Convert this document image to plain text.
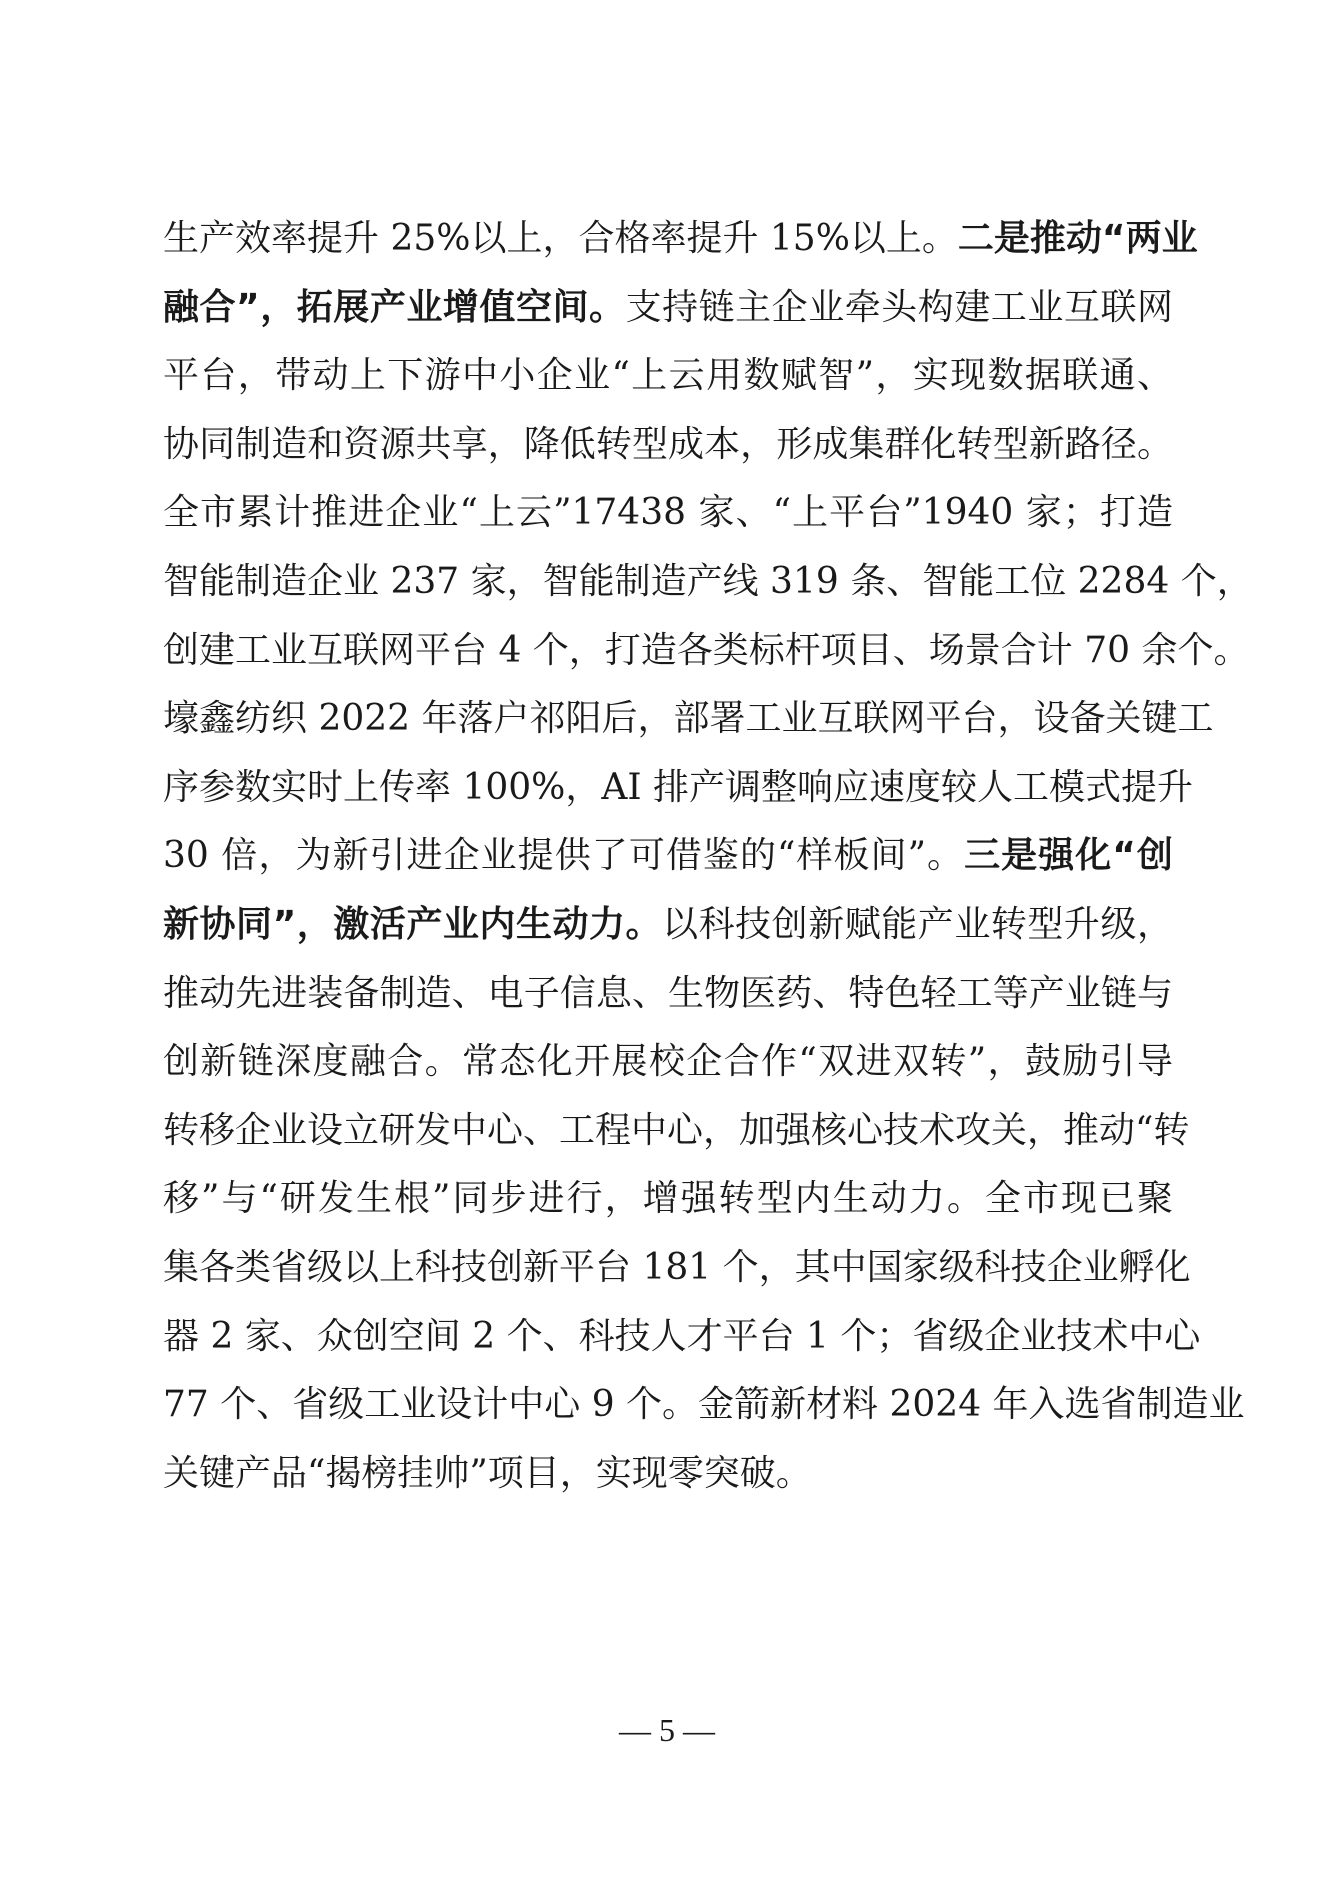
生产效率提升 25%以上，合格率提升 15%以上。二是推动“两业
融合”，拓展产业增值空间。支持链主企业牵头构建工业互联网
平台，带动上下游中小企业“上云用数赋智”，实现数据联通、
协同制造和资源共享，降低转型成本，形成集群化转型新路径。
全市累计推进企业“上云”17438 家、“上平台”1940 家；打造
智能制造企业 237 家，智能制造产线 319 条、智能工位 2284 个，
创建工业互联网平台 4 个，打造各类标杆项目、场景合计 70 余个。
壕鑫纺织 2022 年落户祁阳后，部署工业互联网平台，设备关键工
序参数实时上传率 100%，AI 排产调整响应速度较人工模式提升
30 倍，为新引进企业提供了可借鉴的“样板间”。三是强化“创
新协同”，激活产业内生动力。以科技创新赋能产业转型升级，
推动先进装备制造、电子信息、生物医药、特色轻工等产业链与
创新链深度融合。常态化开展校企合作“双进双转”，鼓励引导
转移企业设立研发中心、工程中心，加强核心技术攻关，推动“转
移”与“研发生根”同步进行，增强转型内生动力。全市现已聚
集各类省级以上科技创新平台 181 个，其中国家级科技企业孵化
器 2 家、众创空间 2 个、科技人才平台 1 个；省级企业技术中心
77 个、省级工业设计中心 9 个。金箭新材料 2024 年入选省制造业
关键产品“揭榜挂帅”项目，实现零突破。
— 5 —
